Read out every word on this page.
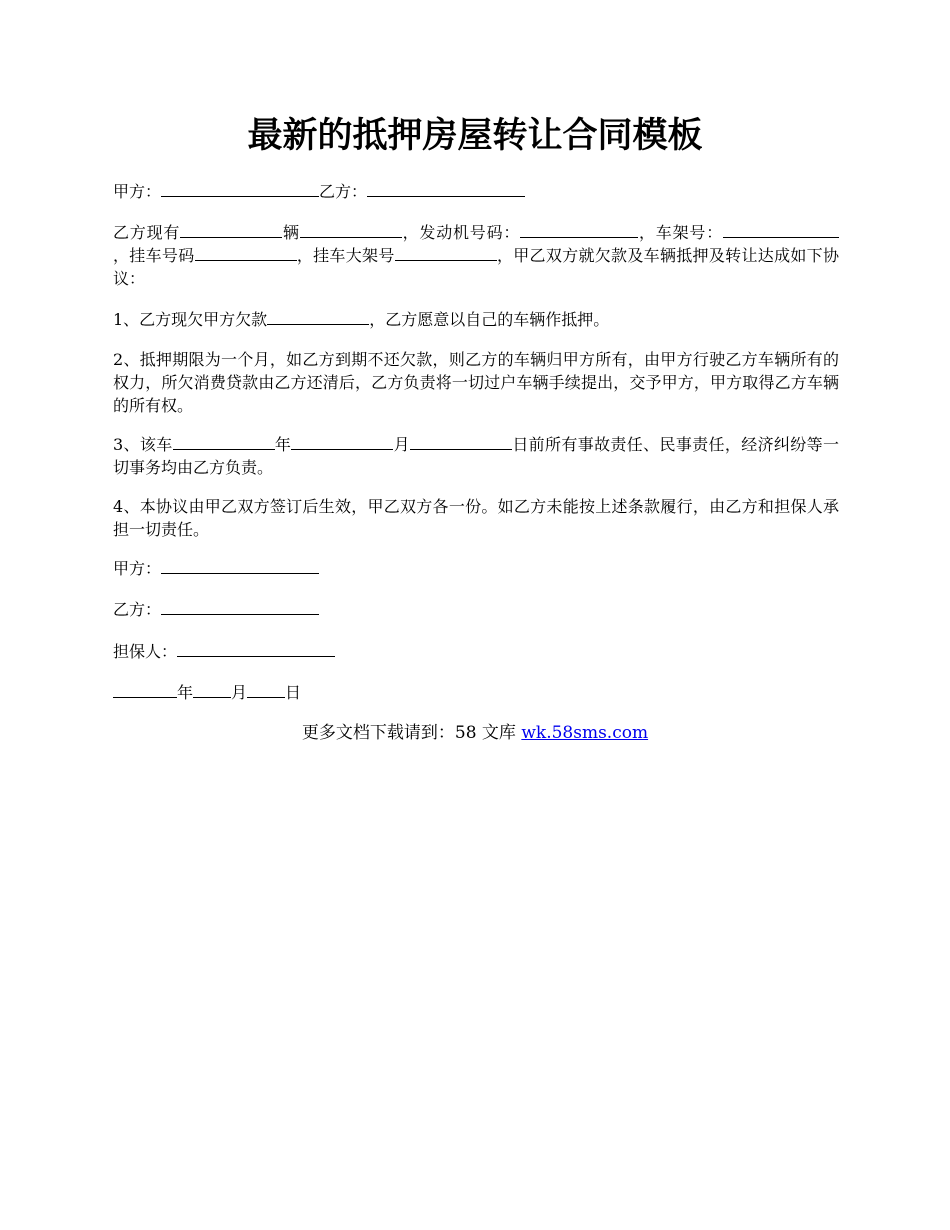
最新的抵押房屋转让合同模板
甲方：	乙方：
乙方现有	辆	，发动机号码：	，车架号：，挂车号码	，挂车大架号	，甲乙双方就欠款及车辆抵押及转让达成如下协议：
1、乙方现欠甲方欠款	，乙方愿意以自己的车辆作抵押。
2、抵押期限为一个月，如乙方到期不还欠款，则乙方的车辆归甲方所有，由甲方行驶乙方车辆所有的权力，所欠消费贷款由乙方还清后，乙方负责将一切过户车辆手续提出，交予甲方，甲方取得乙方车辆的所有权。
3、该车	年	月	日前所有事故责任、民事责任，经济纠纷等一切事务均由乙方负责。
4、本协议由甲乙双方签订后生效，甲乙双方各一份。如乙方未能按上述条款履行，由乙方和担保人承担一切责任。
甲方：
乙方：
担保人：
年 月 日
更多文档下载请到：58 文库 wk.58sms.com
